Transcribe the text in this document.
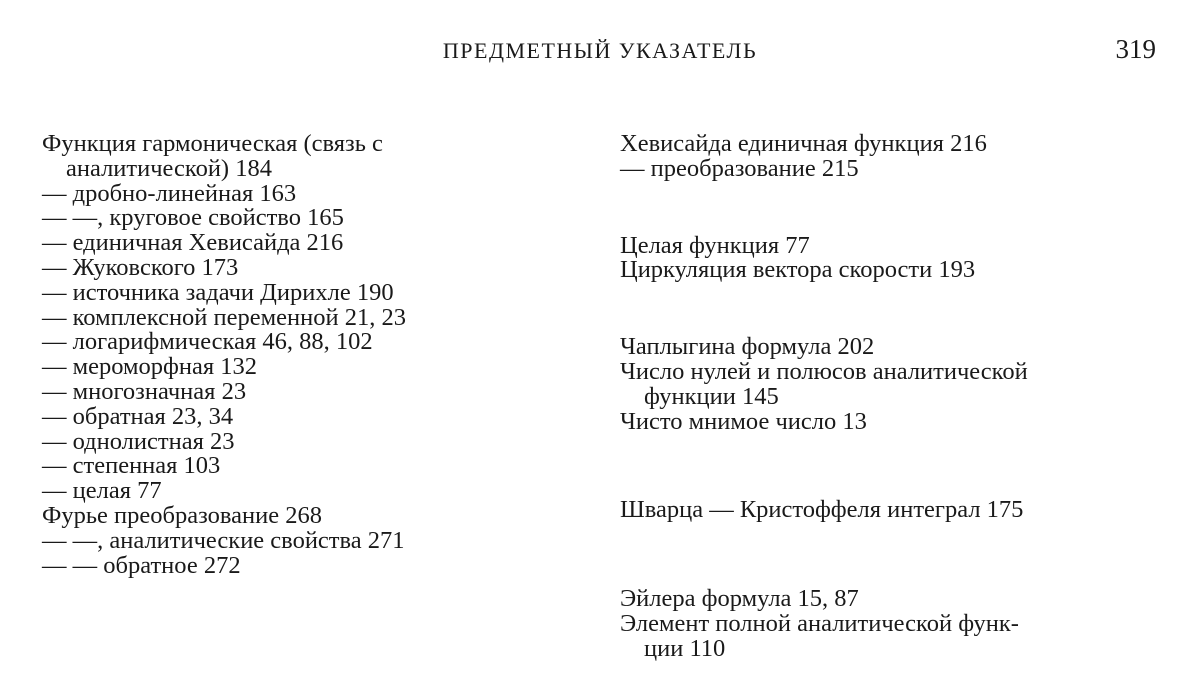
ПРЕДМЕТНЫЙ УКАЗАТЕЛЬ	319
Функция гармоническая (связь с
аналитической) 184
— дробно-линейная 163
— —, круговое свойство 165
— единичная Хевисайда 216
— Жуковского 173
— источника задачи Дирихле 190
— комплексной переменной 21, 23
— логарифмическая 46, 88, 102
— мероморфная 132
— многозначная 23
— обратная 23, 34
— однолистная 23
— степенная 103
— целая 77
Фурье преобразование 268
— —, аналитические свойства 271
— — обратное 272
Хевисайда единичная функция 216
— преобразование 215
Целая функция 77
Циркуляция вектора скорости 193
Чаплыгина формула 202
Число нулей и полюсов аналитической
функции 145
Чисто мнимое число 13
Шварца — Кристоффеля интеграл 175
Эйлера формула 15, 87
Элемент полной аналитической функ-
ции 110
